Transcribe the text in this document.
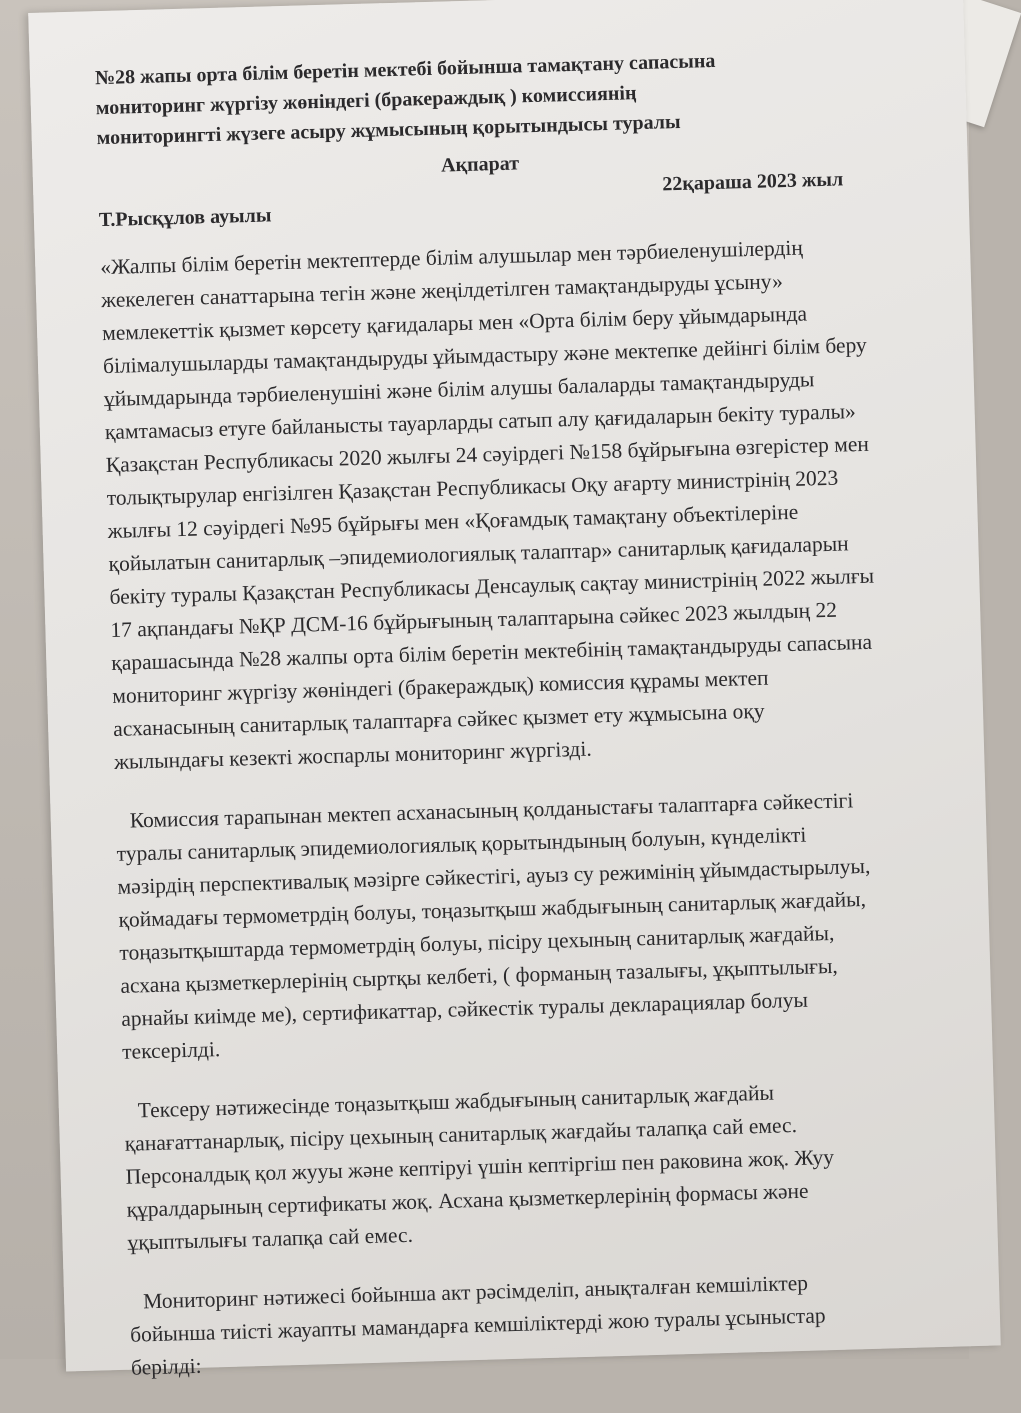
№28 жапы орта білім беретін мектебі бойынша тамақтану сапасына
мониторинг жүргізу жөніндегі (бракераждық ) комиссиянің
мониторингті жүзеге асыру жұмысының қорытындысы туралы
Ақпарат
Т.Рысқұлов ауылы
22қараша 2023 жыл

«Жалпы білім беретін мектептерде білім алушылар мен тәрбиеленушілердің жекелеген санаттарына тегін және жеңілдетілген тамақтандыруды ұсыну» мемлекеттік қызмет көрсету қағидалары мен «Орта білім беру ұйымдарында білімалушыларды тамақтандыруды ұйымдастыру және мектепке дейінгі білім беру ұйымдарында тәрбиеленушіні және білім алушы балаларды тамақтандыруды қамтамасыз етуге байланысты тауарларды сатып алу қағидаларын бекіту туралы» Қазақстан Республикасы 2020 жылғы 24 сәуірдегі №158 бұйрығына өзгерістер мен толықтырулар енгізілген Қазақстан Республикасы Оқу ағарту министрінің 2023 жылғы 12 сәуірдегі №95 бұйрығы мен «Қоғамдық тамақтану объектілеріне қойылатын санитарлық –эпидемиологиялық талаптар» санитарлық қағидаларын бекіту туралы Қазақстан Республикасы Денсаулық сақтау министрінің 2022 жылғы 17 ақпандағы №ҚР ДСМ-16 бұйрығының талаптарына сәйкес 2023 жылдың 22 қарашасында №28 жалпы орта білім беретін мектебінің тамақтандыруды сапасына мониторинг жүргізу жөніндегі (бракераждық) комиссия құрамы мектеп асханасының санитарлық талаптарға сәйкес қызмет ету жұмысына оқу жылындағы кезекті жоспарлы мониторинг жүргізді.

Комиссия тарапынан мектеп асханасының қолданыстағы талаптарға сәйкестігі туралы санитарлық эпидемиологиялық қорытындының болуын, күнделікті мәзірдің перспективалық мәзірге сәйкестігі, ауыз су режимінің ұйымдастырылуы, қоймадағы термометрдің болуы, тоңазытқыш жабдығының санитарлық жағдайы, тоңазытқыштарда термометрдің болуы, пісіру цехының санитарлық жағдайы, асхана қызметкерлерінің сыртқы келбеті, ( форманың тазалығы, ұқыптылығы, арнайы киімде ме), сертификаттар, сәйкестік туралы декларациялар болуы тексерілді.

Тексеру нәтижесінде тоңазытқыш жабдығының санитарлық жағдайы қанағаттанарлық, пісіру цехының санитарлық жағдайы талапқа сай емес. Персоналдық қол жууы және кептіруі үшін кептіргіш пен раковина жоқ. Жуу құралдарының сертификаты жоқ. Асхана қызметкерлерінің формасы және ұқыптылығы талапқа сай емес.

Мониторинг нәтижесі бойынша акт рәсімделіп, анықталған кемшіліктер бойынша тиісті жауапты мамандарға кемшіліктерді жою туралы ұсыныстар берілді:
